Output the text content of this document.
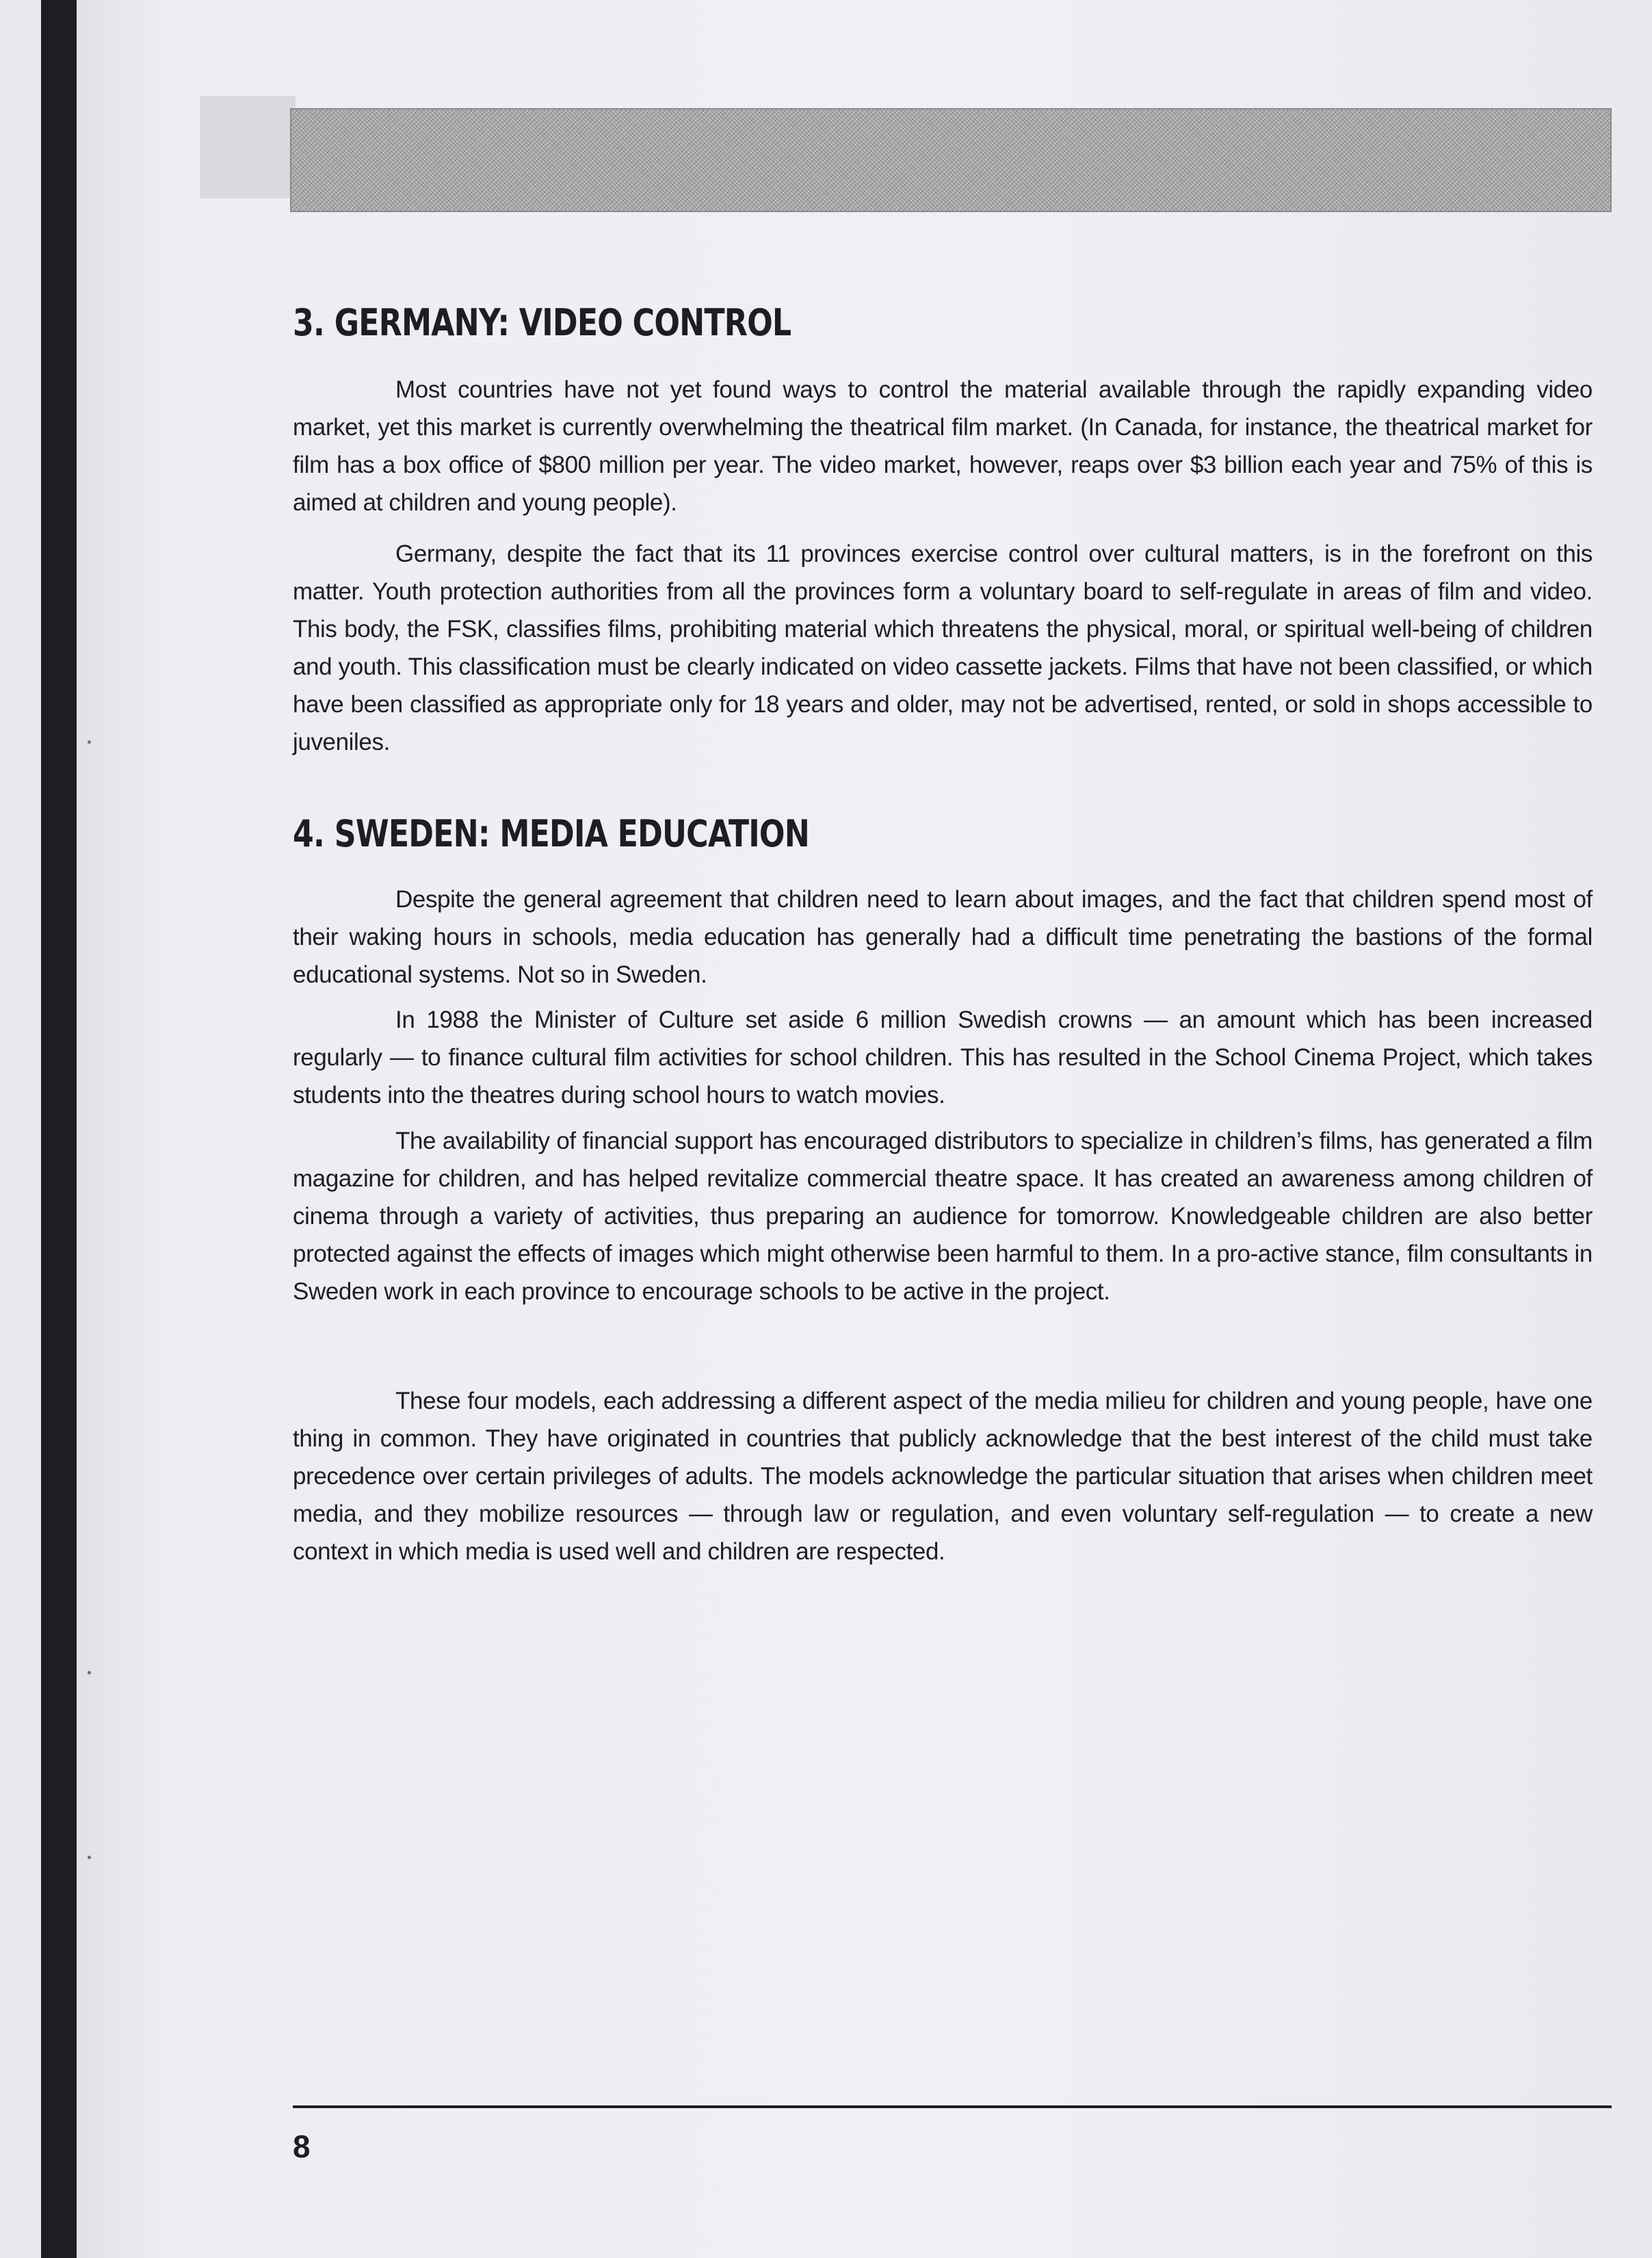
3. GERMANY: VIDEO CONTROL

Most countries have not yet found ways to control the material available through the rapidly expanding video market, yet this market is currently overwhelming the theatrical film market. (In Canada, for instance, the theatrical market for film has a box office of $800 million per year. The video market, however, reaps over $3 billion each year and 75% of this is aimed at children and young people).

Germany, despite the fact that its 11 provinces exercise control over cultural matters, is in the forefront on this matter. Youth protection authorities from all the provinces form a voluntary board to self-regulate in areas of film and video. This body, the FSK, classifies films, prohibiting material which threatens the physical, moral, or spiritual well-being of children and youth. This classification must be clearly indicated on video cassette jackets. Films that have not been classified, or which have been classified as appropriate only for 18 years and older, may not be advertised, rented, or sold in shops accessible to juveniles.

4. SWEDEN: MEDIA EDUCATION

Despite the general agreement that children need to learn about images, and the fact that children spend most of their waking hours in schools, media education has generally had a difficult time penetrating the bastions of the formal educational systems. Not so in Sweden.

In 1988 the Minister of Culture set aside 6 million Swedish crowns — an amount which has been increased regularly — to finance cultural film activities for school children. This has resulted in the School Cinema Project, which takes students into the theatres during school hours to watch movies.

The availability of financial support has encouraged distributors to specialize in children’s films, has generated a film magazine for children, and has helped revitalize commercial theatre space. It has created an awareness among children of cinema through a variety of activities, thus preparing an audience for tomorrow. Knowledgeable children are also better protected against the effects of images which might otherwise been harmful to them. In a pro-active stance, film consultants in Sweden work in each province to encourage schools to be active in the project.

These four models, each addressing a different aspect of the media milieu for children and young people, have one thing in common. They have originated in countries that publicly acknowledge that the best interest of the child must take precedence over certain privileges of adults. The models acknowledge the particular situation that arises when children meet media, and they mobilize resources — through law or regulation, and even voluntary self-regulation — to create a new context in which media is used well and children are respected.

8
